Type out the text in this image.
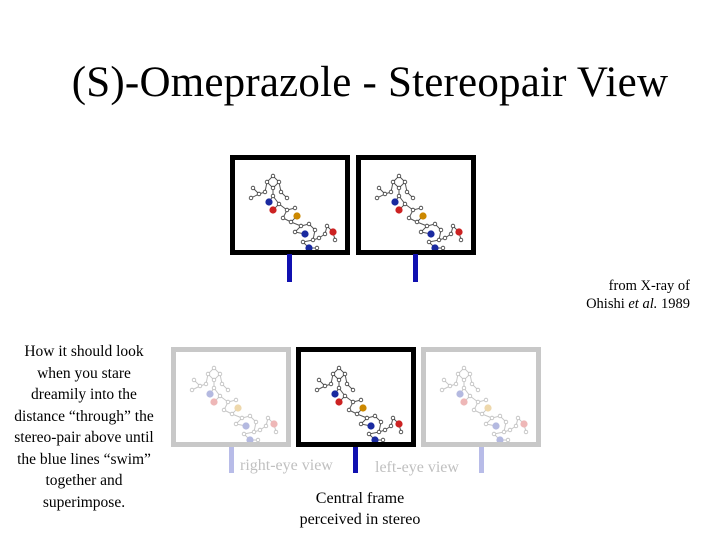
(S)-Omeprazole - Stereopair View
from X-ray of
Ohishi et al. 1989
How it should look when you stare dreamily into the distance “through” the stereo-pair above until the blue lines “swim” together and superimpose.
right-eye view	left-eye view
Central frame perceived in stereo
